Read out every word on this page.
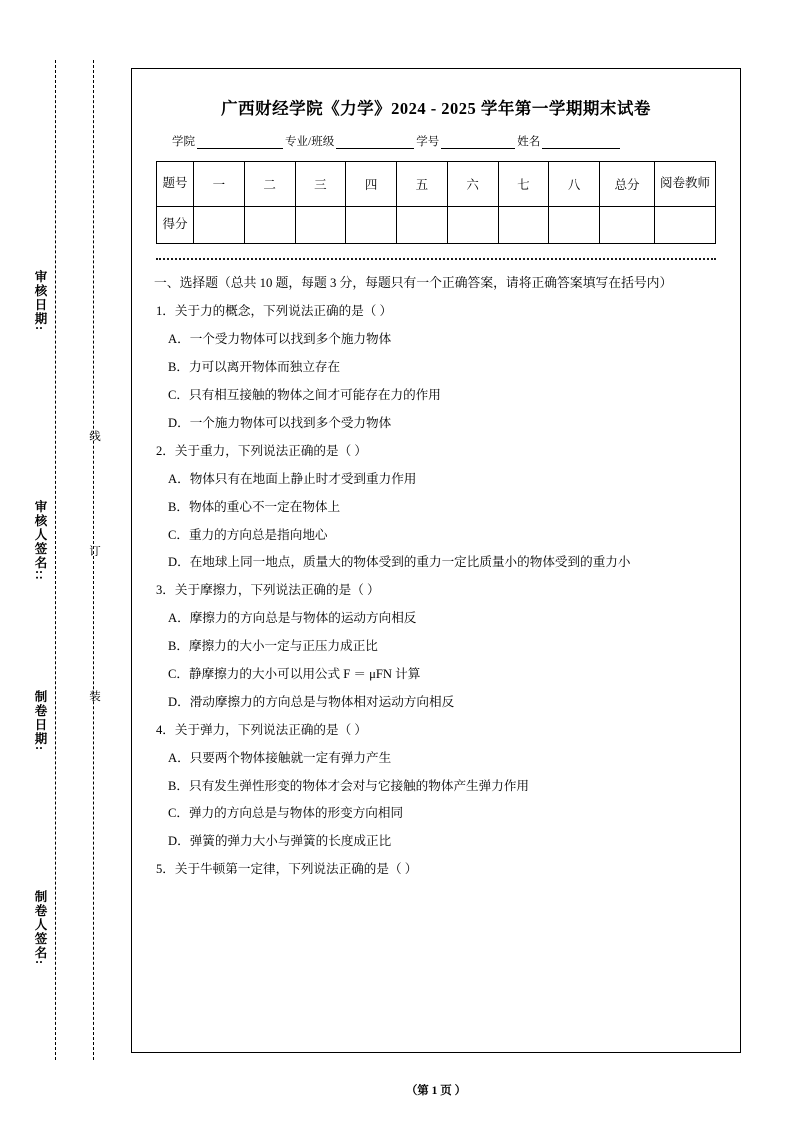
审核日期:
审核人签名::
制卷日期:
制卷人签名:
线
订
装
广西财经学院《力学》2024 - 2025 学年第一学期期末试卷
学院	专业/班级	学号	姓名
题号	一	二	三	四	五	六	七	八	总分	阅卷教师
得分										
一、选择题（总共 10 题，每题 3 分，每题只有一个正确答案，请将正确答案填写在括号内）
1．关于力的概念，下列说法正确的是（ ）
A．一个受力物体可以找到多个施力物体
B．力可以离开物体而独立存在
C．只有相互接触的物体之间才可能存在力的作用
D．一个施力物体可以找到多个受力物体
2．关于重力，下列说法正确的是（ ）
A．物体只有在地面上静止时才受到重力作用
B．物体的重心不一定在物体上
C．重力的方向总是指向地心
D．在地球上同一地点，质量大的物体受到的重力一定比质量小的物体受到的重力小
3．关于摩擦力，下列说法正确的是（ ）
A．摩擦力的方向总是与物体的运动方向相反
B．摩擦力的大小一定与正压力成正比
C．静摩擦力的大小可以用公式 F ＝ μFN 计算
D．滑动摩擦力的方向总是与物体相对运动方向相反
4．关于弹力，下列说法正确的是（ ）
A．只要两个物体接触就一定有弹力产生
B．只有发生弹性形变的物体才会对与它接触的物体产生弹力作用
C．弹力的方向总是与物体的形变方向相同
D．弹簧的弹力大小与弹簧的长度成正比
5．关于牛顿第一定律，下列说法正确的是（ ）
（第 1 页 ）
